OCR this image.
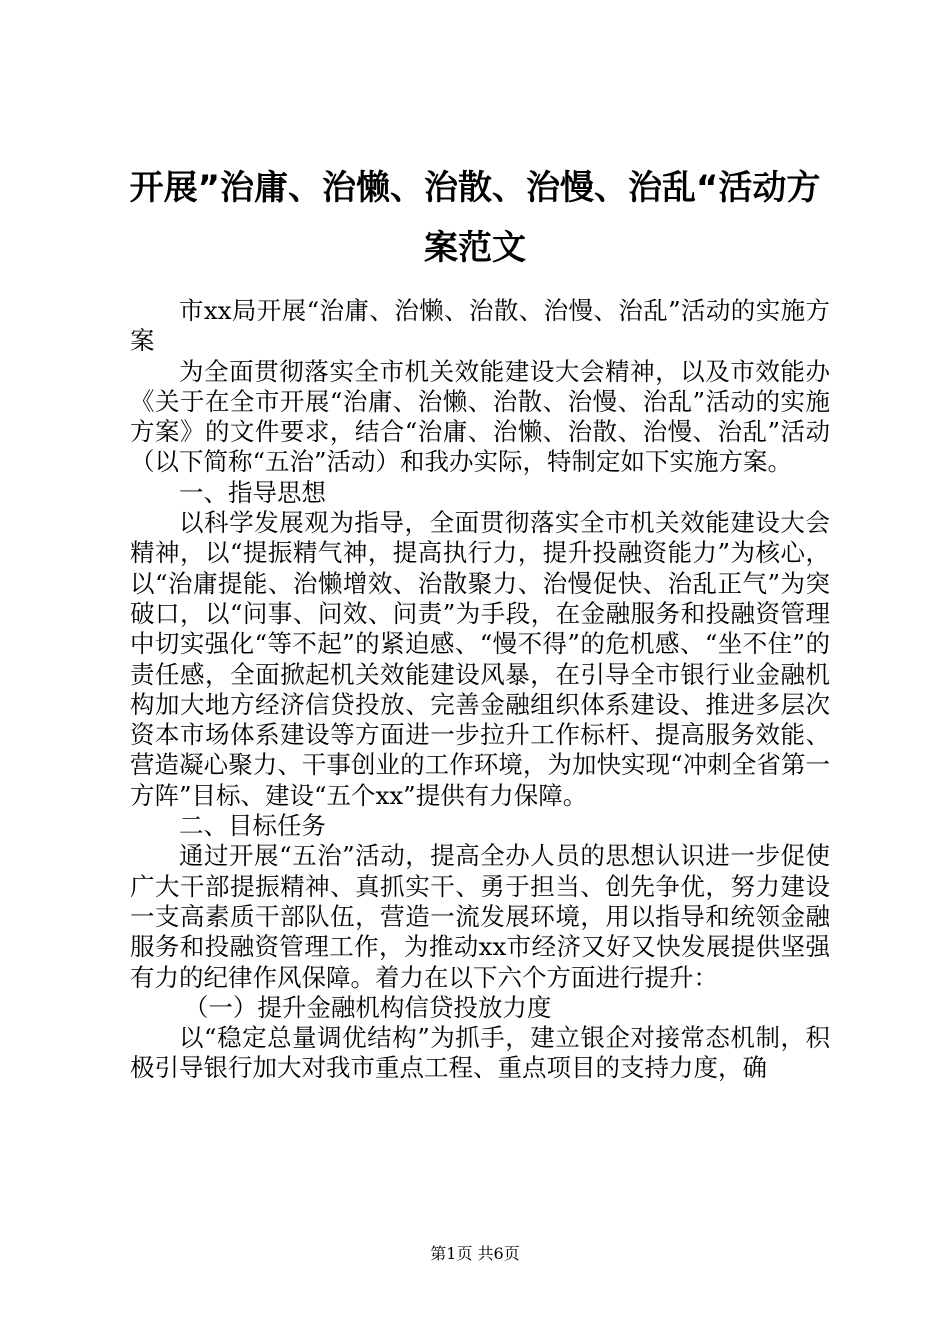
开展”治庸、治懒、治散、治慢、治乱“活动方案范文

市xx局开展“治庸、治懒、治散、治慢、治乱”活动的实施方案

为全面贯彻落实全市机关效能建设大会精神，以及市效能办《关于在全市开展“治庸、治懒、治散、治慢、治乱”活动的实施方案》的文件要求，结合“治庸、治懒、治散、治慢、治乱”活动（以下简称“五治”活动）和我办实际，特制定如下实施方案。

一、指导思想

以科学发展观为指导，全面贯彻落实全市机关效能建设大会精神，以“提振精气神，提高执行力，提升投融资能力”为核心，以“治庸提能、治懒增效、治散聚力、治慢促快、治乱正气”为突破口，以“问事、问效、问责”为手段，在金融服务和投融资管理中切实强化“等不起”的紧迫感、“慢不得”的危机感、“坐不住”的责任感，全面掀起机关效能建设风暴，在引导全市银行业金融机构加大地方经济信贷投放、完善金融组织体系建设、推进多层次资本市场体系建设等方面进一步拉升工作标杆、提高服务效能、营造凝心聚力、干事创业的工作环境，为加快实现“冲刺全省第一方阵”目标、建设“五个xx”提供有力保障。

二、目标任务

通过开展“五治”活动，提高全办人员的思想认识进一步促使广大干部提振精神、真抓实干、勇于担当、创先争优，努力建设一支高素质干部队伍，营造一流发展环境，用以指导和统领金融服务和投融资管理工作，为推动xx市经济又好又快发展提供坚强有力的纪律作风保障。着力在以下六个方面进行提升：

（一）提升金融机构信贷投放力度

以“稳定总量调优结构”为抓手，建立银企对接常态机制，积极引导银行加大对我市重点工程、重点项目的支持力度，确

第1页 共6页
